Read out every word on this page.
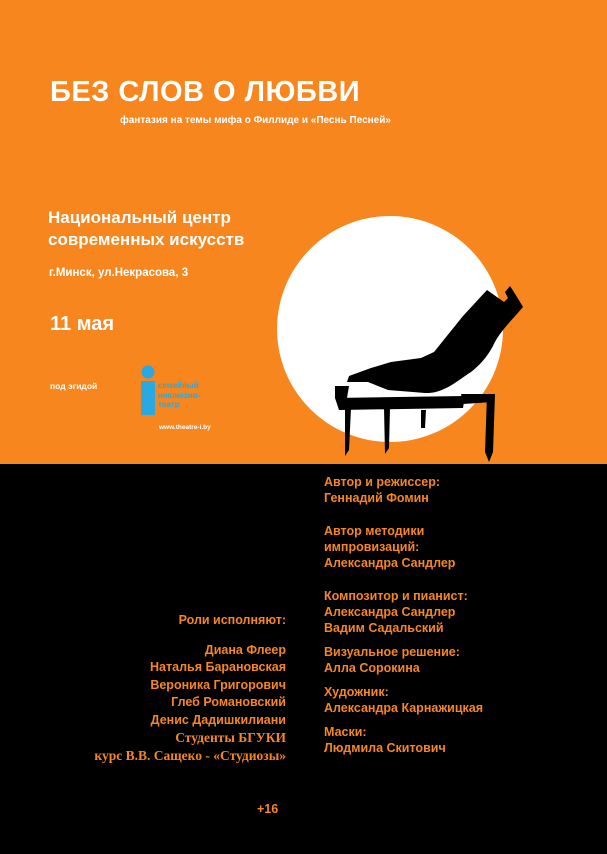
БЕЗ СЛОВ О ЛЮБВИ
фантазия на темы мифа о Филлиде и «Песнь Песней»
Национальный центр
современных искусств
г.Минск, ул.Некрасова, 3
11 мая
под эгидой	семейный
инклюзив-
театр
www.theatre-i.by
Автор и режиссер:
Геннадий Фомин
Автор методики
импровизаций:
Александра Сандлер
Композитор и пианист:
Александра Сандлер
Вадим Садальский
Визуальное решение:
Алла Сорокина
Художник:
Александра Карнажицкая
Маски:
Людмила Скитович
Роли исполняют:
Диана Флеер
Наталья Барановская
Вероника Григорович
Глеб Романовский
Денис Дадишкилиани
Студенты БГУКИ
курс В.В. Сащеко - «Студиозы»
+16
